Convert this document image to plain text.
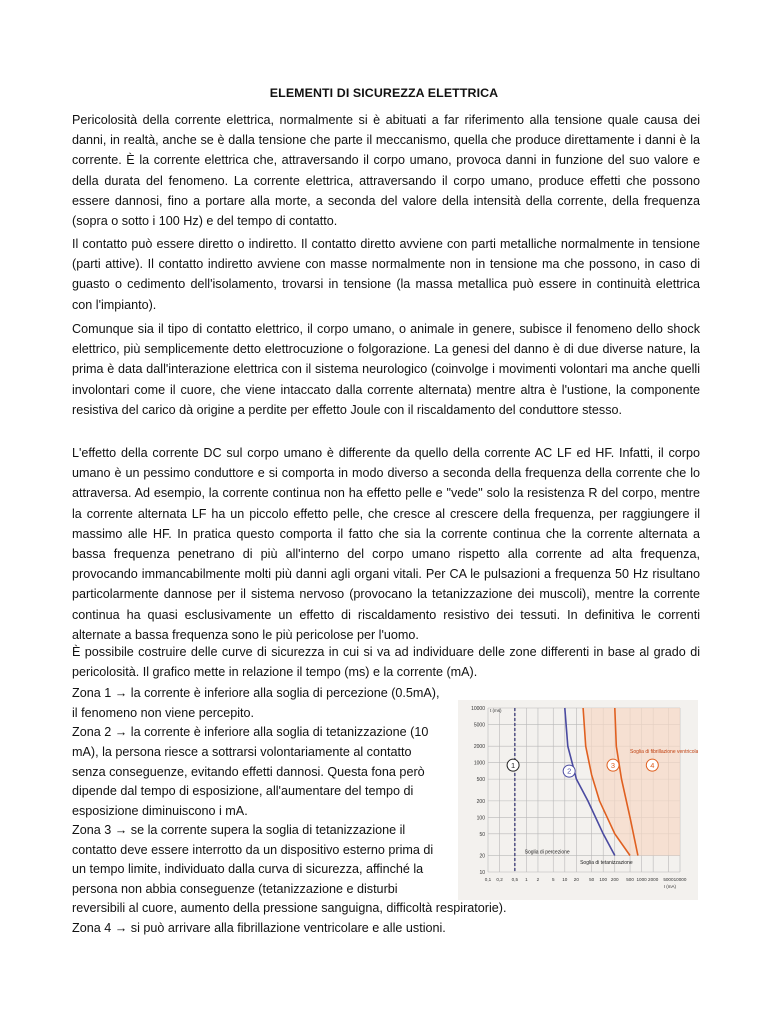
ELEMENTI DI SICUREZZA ELETTRICA

Pericolosità della corrente elettrica, normalmente si è abituati a far riferimento alla tensione quale causa dei danni, in realtà, anche se è dalla tensione che parte il meccanismo, quella che produce direttamente i danni è la corrente. È la corrente elettrica che, attraversando il corpo umano, provoca danni in funzione del suo valore e della durata del fenomeno. La corrente elettrica, attraversando il corpo umano, produce effetti che possono essere dannosi, fino a portare alla morte, a seconda del valore della intensità della corrente, della frequenza (sopra o sotto i 100 Hz) e del tempo di contatto.

Il contatto può essere diretto o indiretto. Il contatto diretto avviene con parti metalliche normalmente in tensione (parti attive). Il contatto indiretto avviene con masse normalmente non in tensione ma che possono, in caso di guasto o cedimento dell'isolamento, trovarsi in tensione (la massa metallica può essere in continuità elettrica con l'impianto).

Comunque sia il tipo di contatto elettrico, il corpo umano, o animale in genere, subisce il fenomeno dello shock elettrico, più semplicemente detto elettrocuzione o folgorazione. La genesi del danno è di due diverse nature, la prima è data dall'interazione elettrica con il sistema neurologico (coinvolge i movimenti volontari ma anche quelli involontari come il cuore, che viene intaccato dalla corrente alternata) mentre altra è l'ustione, la componente resistiva del carico dà origine a perdite per effetto Joule con il riscaldamento del conduttore stesso.

L'effetto della corrente DC sul corpo umano è differente da quello della corrente AC LF ed HF. Infatti, il corpo umano è un pessimo conduttore e si comporta in modo diverso a seconda della frequenza della corrente che lo attraversa. Ad esempio, la corrente continua non ha effetto pelle e "vede" solo la resistenza R del corpo, mentre la corrente alternata LF ha un piccolo effetto pelle, che cresce al crescere della frequenza, per raggiungere il massimo alle HF. In pratica questo comporta il fatto che sia la corrente continua che la corrente alternata a bassa frequenza penetrano di più all'interno del corpo umano rispetto alla corrente ad alta frequenza, provocando immancabilmente molti più danni agli organi vitali. Per CA le pulsazioni a frequenza 50 Hz risultano particolarmente dannose per il sistema nervoso (provocano la tetanizzazione dei muscoli), mentre la corrente continua ha quasi esclusivamente un effetto di riscaldamento resistivo dei tessuti. In definitiva le correnti alternate a bassa frequenza sono le più pericolose per l'uomo.

È possibile costruire delle curve di sicurezza in cui si va ad individuare delle zone differenti in base al grado di pericolosità. Il grafico mette in relazione il tempo (ms) e la corrente (mA).

Zona 1 → la corrente è inferiore alla soglia di percezione (0.5mA),

il fenomeno non viene percepito.

Zona 2 → la corrente è inferiore alla soglia di tetanizzazione (10

mA), la persona riesce a sottrarsi volontariamente al contatto

senza conseguenze, evitando effetti dannosi. Questa fona però

dipende dal tempo di esposizione, all'aumentare del tempo di

esposizione diminuiscono i mA.

Zona 3 → se la corrente supera la soglia di tetanizzazione il

contatto deve essere interrotto da un dispositivo esterno prima di

un tempo limite, individuato dalla curva di sicurezza, affinché la

persona non abbia conseguenze (tetanizzazione e disturbi

reversibili al cuore, aumento della pressione sanguigna, difficoltà respiratorie).

Zona 4 → si può arrivare alla fibrillazione ventricolare e alle ustioni.

0,1 0,2 0,5 1 2	5 10 20 50 100 200 500 1000 2000 5000 10000
10000
5000
2000
1000
500
200
100
50
20
10
t (ms)
I (mA)
1
2
3	4
Soglia di fibrillazione ventricolare
Soglia di percezione
Soglia di tetanizzazione
